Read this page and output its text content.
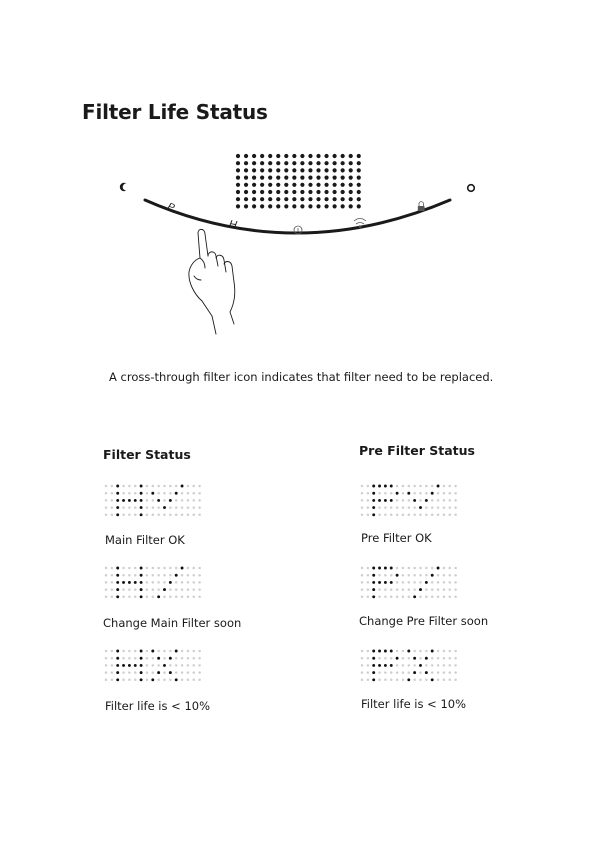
Filter Life Status
P
H
A cross-through filter icon indicates that filter need to be replaced.
Filter Status	Pre Filter Status
Main Filter OK
Change Main Filter soon
Filter life is < 10%
Pre Filter OK
Change Pre Filter soon
Filter life is < 10%
